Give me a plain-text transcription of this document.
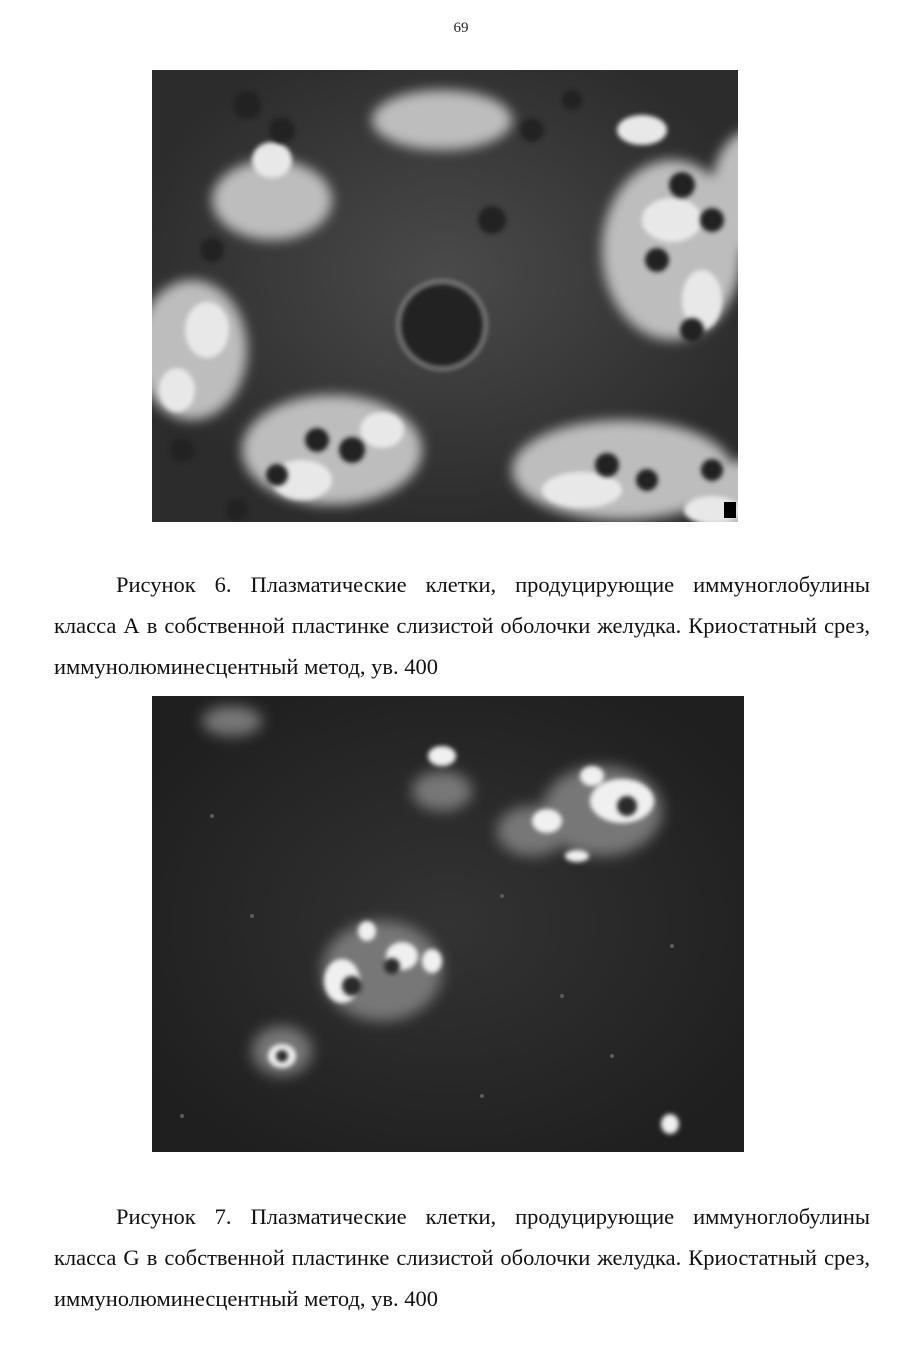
69
Рисунок 6. Плазматические клетки, продуцирующие иммуноглобулины класса А в собственной пластинке слизистой оболочки желудка. Криостатный срез, иммунолюминесцентный метод, ув. 400
Рисунок 7. Плазматические клетки, продуцирующие иммуноглобулины класса G в собственной пластинке слизистой оболочки желудка. Криостатный срез, иммунолюминесцентный метод, ув. 400
